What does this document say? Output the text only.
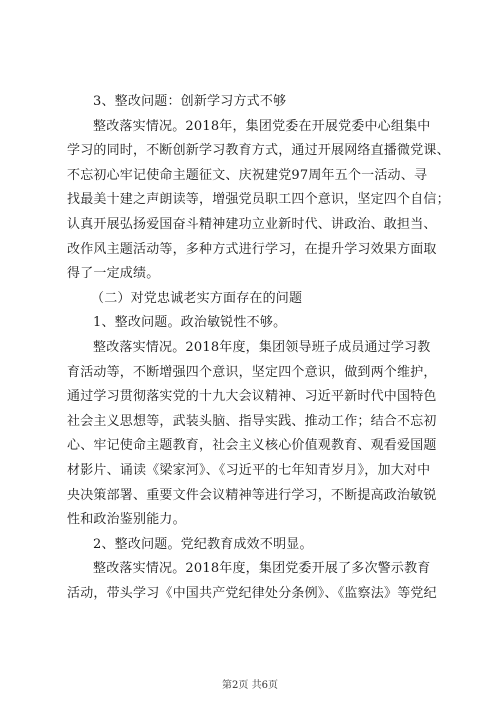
3、整改问题：创新学习方式不够
整改落实情况。2018年，集团党委在开展党委中心组集中
学习的同时，不断创新学习教育方式，通过开展网络直播微党课、
不忘初心牢记使命主题征文、庆祝建党97周年五个一活动、寻
找最美十建之声朗读等，增强党员职工四个意识，坚定四个自信；
认真开展弘扬爱国奋斗精神建功立业新时代、讲政治、敢担当、
改作风主题活动等，多种方式进行学习，在提升学习效果方面取
得了一定成绩。
（二）对党忠诚老实方面存在的问题
1、整改问题。政治敏锐性不够。
整改落实情况。2018年度，集团领导班子成员通过学习教
育活动等，不断增强四个意识，坚定四个意识，做到两个维护，
通过学习贯彻落实党的十九大会议精神、习近平新时代中国特色
社会主义思想等，武装头脑、指导实践、推动工作；结合不忘初
心、牢记使命主题教育，社会主义核心价值观教育、观看爱国题
材影片、诵读《梁家河》、《习近平的七年知青岁月》，加大对中
央决策部署、重要文件会议精神等进行学习，不断提高政治敏锐
性和政治鉴别能力。
2、整改问题。党纪教育成效不明显。
整改落实情况。2018年度，集团党委开展了多次警示教育
活动，带头学习《中国共产党纪律处分条例》、《监察法》等党纪
第2页 共6页
